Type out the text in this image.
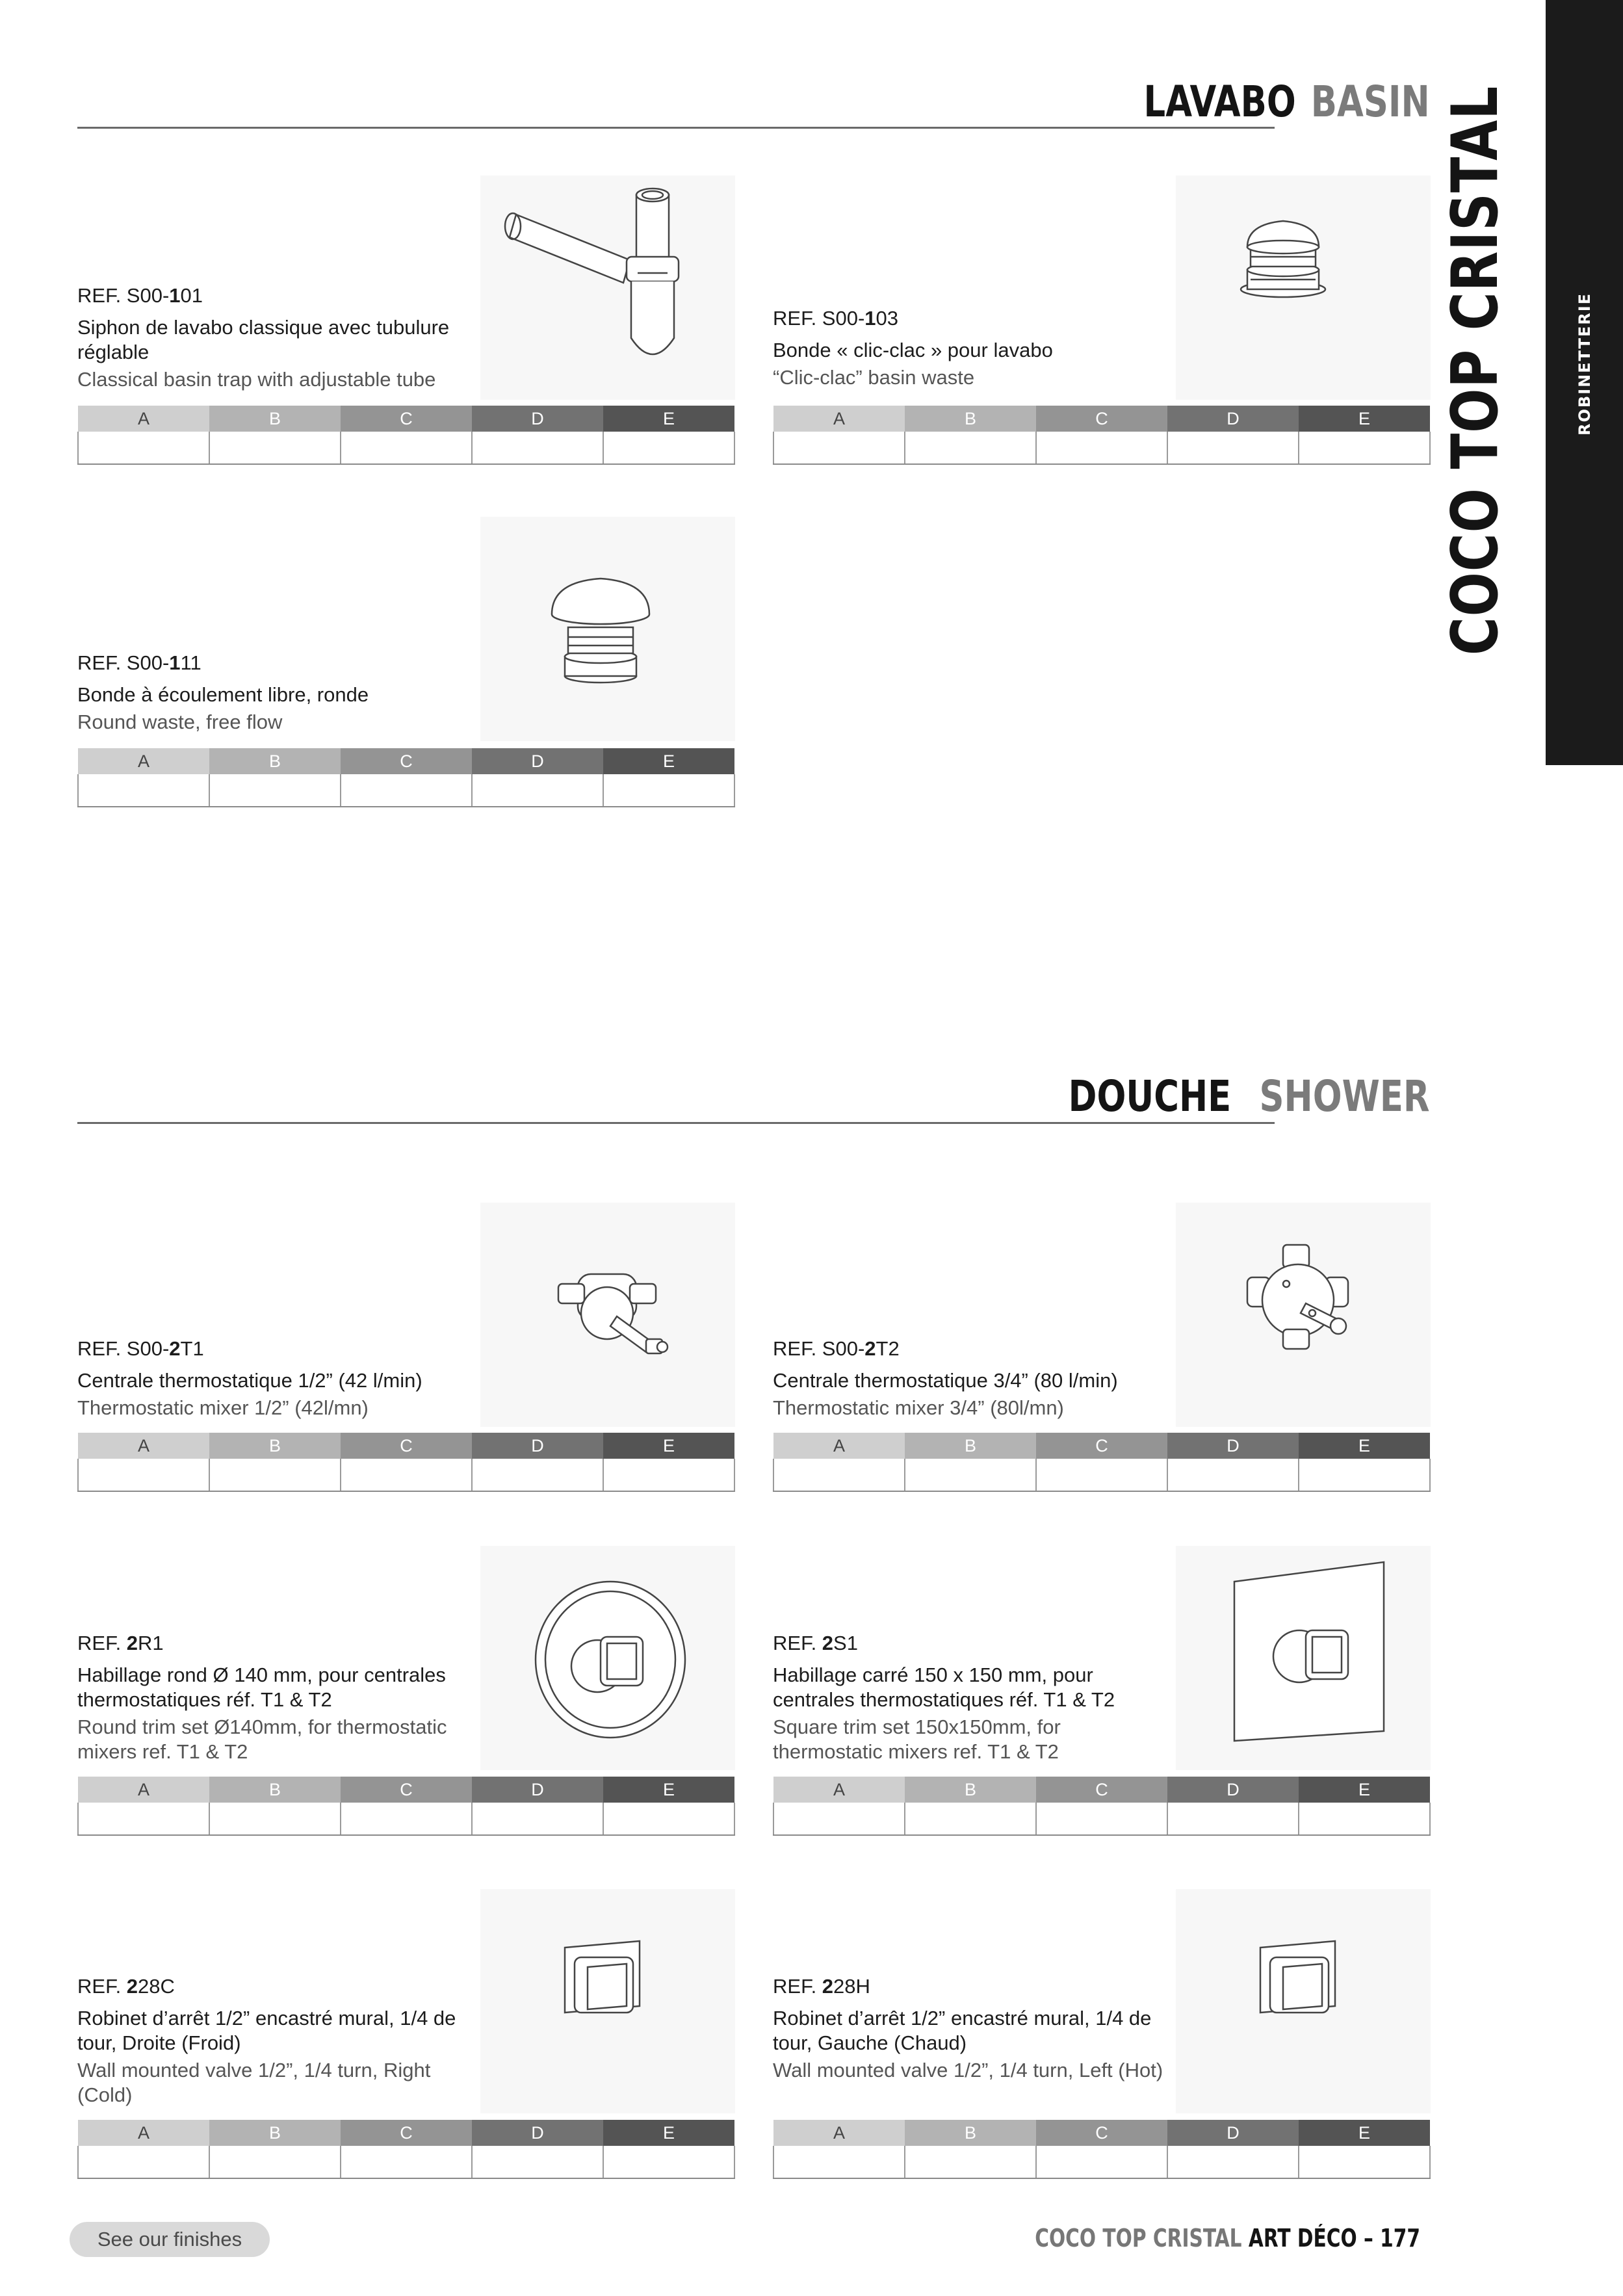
ROBINETTERIE
COCO TOP CRISTAL
LAVABO BASIN
REF. S00-101
Siphon de lavabo classique avec tubulure réglable
Classical basin trap with adjustable tube
A	B	C	D	E

REF. S00-103
Bonde « clic-clac » pour lavabo
“Clic-clac” basin waste
A	B	C	D	E

REF. S00-111
Bonde à écoulement libre, ronde
Round waste, free flow
A	B	C	D	E

DOUCHE SHOWER
REF. S00-2T1
Centrale thermostatique 1/2” (42 l/min)
Thermostatic mixer 1/2” (42l/mn)
A	B	C	D	E

REF. S00-2T2
Centrale thermostatique 3/4” (80 l/min)
Thermostatic mixer 3/4” (80l/mn)
A	B	C	D	E

REF. 2R1
Habillage rond Ø 140 mm, pour centrales thermostatiques réf. T1 & T2
Round trim set Ø140mm, for thermostatic mixers ref. T1 & T2
A	B	C	D	E

REF. 2S1
Habillage carré 150 x 150 mm, pour centrales thermostatiques réf. T1 & T2
Square trim set 150x150mm, for thermostatic mixers ref. T1 & T2
A	B	C	D	E

REF. 228C
Robinet d’arrêt 1/2” encastré mural, 1/4 de tour, Droite (Froid)
Wall mounted valve 1/2”, 1/4 turn, Right (Cold)
A	B	C	D	E

REF. 228H
Robinet d’arrêt 1/2” encastré mural, 1/4 de tour, Gauche (Chaud)
Wall mounted valve 1/2”, 1/4 turn, Left (Hot)
A	B	C	D	E

See our finishes	COCO TOP CRISTAL ART DÉCO – 177
